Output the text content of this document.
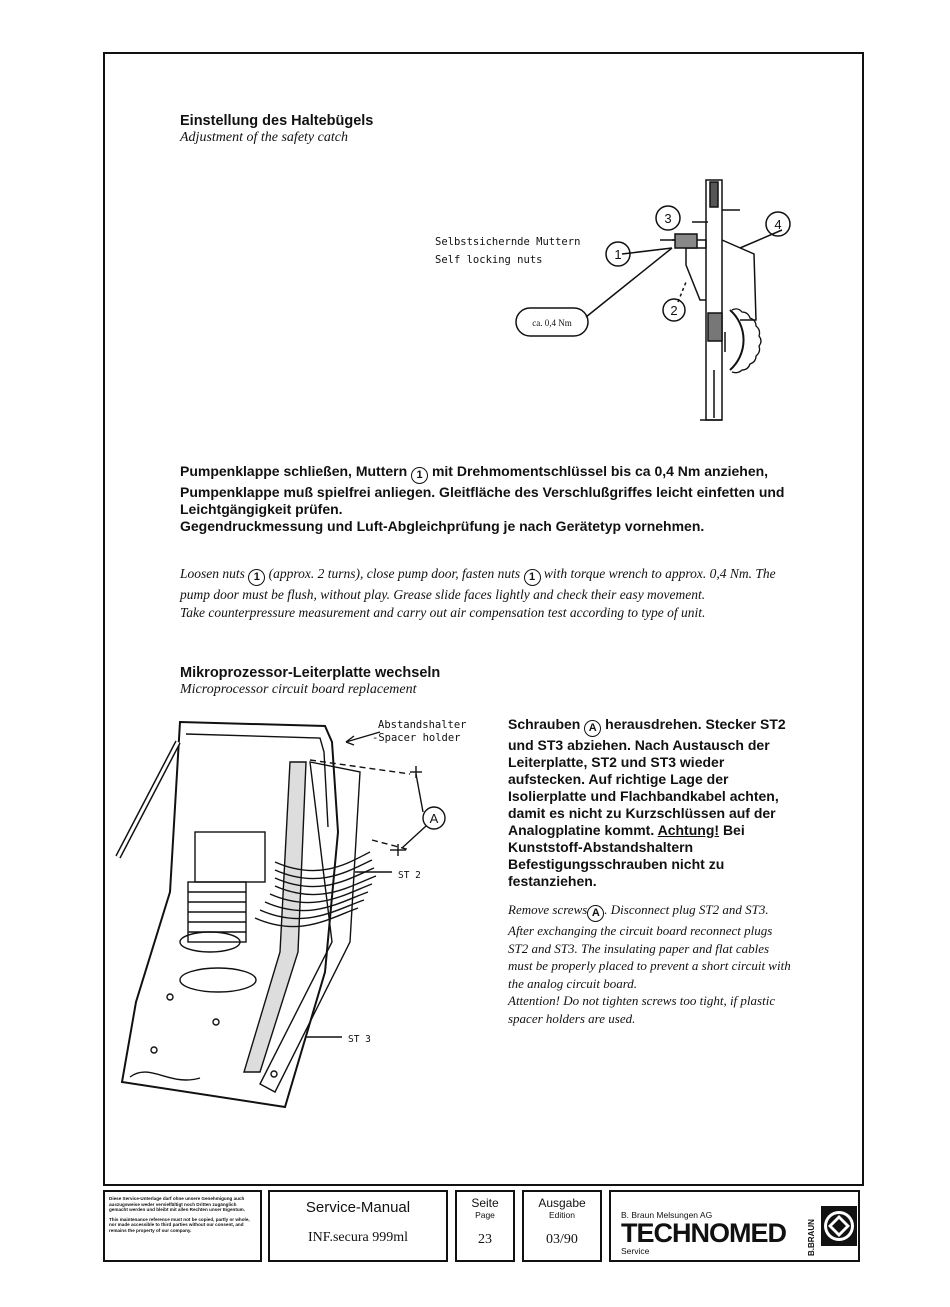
Einstellung des Haltebügels
Adjustment of the safety catch
Selbstsichernde Muttern
Self locking nuts
3
1
2
4
ca. 0,4 Nm
Pumpenklappe schließen, Muttern 1 mit Drehmomentschlüssel bis ca 0,4 Nm anziehen, Pumpenklappe muß spielfrei anliegen. Gleitfläche des Verschlußgriffes leicht einfetten und Leichtgängigkeit prüfen.
Gegendruckmessung und Luft-Abgleichprüfung je nach Gerätetyp vornehmen.
Loosen nuts 1 (approx. 2 turns), close pump door, fasten nuts 1 with torque wrench to approx. 0,4 Nm. The pump door must be flush, without play. Grease slide faces lightly and check their easy movement.
Take counterpressure measurement and carry out air compensation test according to type of unit.
Mikroprozessor-Leiterplatte wechseln
Microprocessor circuit board replacement
Abstandshalter
-Spacer holder
A
ST 2
ST 3
Schrauben A herausdrehen. Stecker ST2 und ST3 abziehen. Nach Austausch der Leiterplatte, ST2 und ST3 wieder aufstecken. Auf richtige Lage der Isolierplatte und Flachbandkabel achten, damit es nicht zu Kurzschlüssen auf der Analogplatine kommt. Achtung! Bei Kunststoff-Abstandshaltern Befestigungsschrauben nicht zu festanziehen.
Remove screws A . Disconnect plug ST2 and ST3. After exchanging the circuit board reconnect plugs ST2 and ST3. The insulating paper and flat cables must be properly placed to prevent a short circuit with the analog circuit board.
Attention! Do not tighten screws too tight, if plastic spacer holders are used.
Diese Service-Unterlage darf ohne unsere Genehmigung auch auszugsweise weder vervielfältigt noch Dritten zugänglich gemacht werden und bleibt mit allen Rechten unser Eigentum.
This maintenance reference must not be copied, partly or whole, nor made accessible to third parties without our consent, and remains the property of our company.
Service-Manual
INF.secura 999ml
Seite
Page
23
Ausgabe
Edition
03/90
B. Braun Melsungen AG
TECHNOMED
Service	B.BRAUN
